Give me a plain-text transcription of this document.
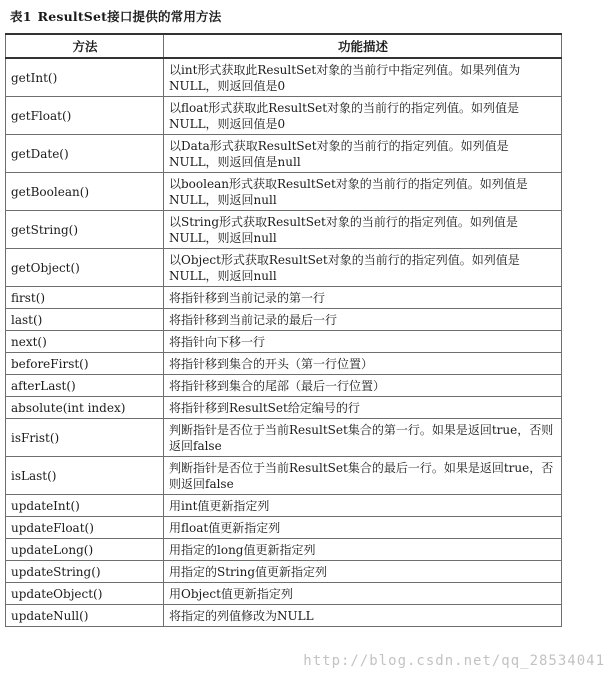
表1 ResultSet接口提供的常用方法
方法	功能描述
getInt()	以int形式获取此ResultSet对象的当前行中指定列值。如果列值为NULL，则返回值是0
getFloat()	以float形式获取此ResultSet对象的当前行的指定列值。如列值是NULL，则返回值是0
getDate()	以Data形式获取ResultSet对象的当前行的指定列值。如列值是NULL，则返回值是null
getBoolean()	以boolean形式获取ResultSet对象的当前行的指定列值。如列值是NULL，则返回null
getString()	以String形式获取ResultSet对象的当前行的指定列值。如列值是NULL，则返回null
getObject()	以Object形式获取ResultSet对象的当前行的指定列值。如列值是NULL，则返回null
first()	将指针移到当前记录的第一行
last()	将指针移到当前记录的最后一行
next()	将指针向下移一行
beforeFirst()	将指针移到集合的开头（第一行位置）
afterLast()	将指针移到集合的尾部（最后一行位置）
absolute(int index)	将指针移到ResultSet给定编号的行
isFrist()	判断指针是否位于当前ResultSet集合的第一行。如果是返回true，否则返回false
isLast()	判断指针是否位于当前ResultSet集合的最后一行。如果是返回true，否则返回false
updateInt()	用int值更新指定列
updateFloat()	用float值更新指定列
updateLong()	用指定的long值更新指定列
updateString()	用指定的String值更新指定列
updateObject()	用Object值更新指定列
updateNull()	将指定的列值修改为NULL
http://blog.csdn.net/qq_28534041
